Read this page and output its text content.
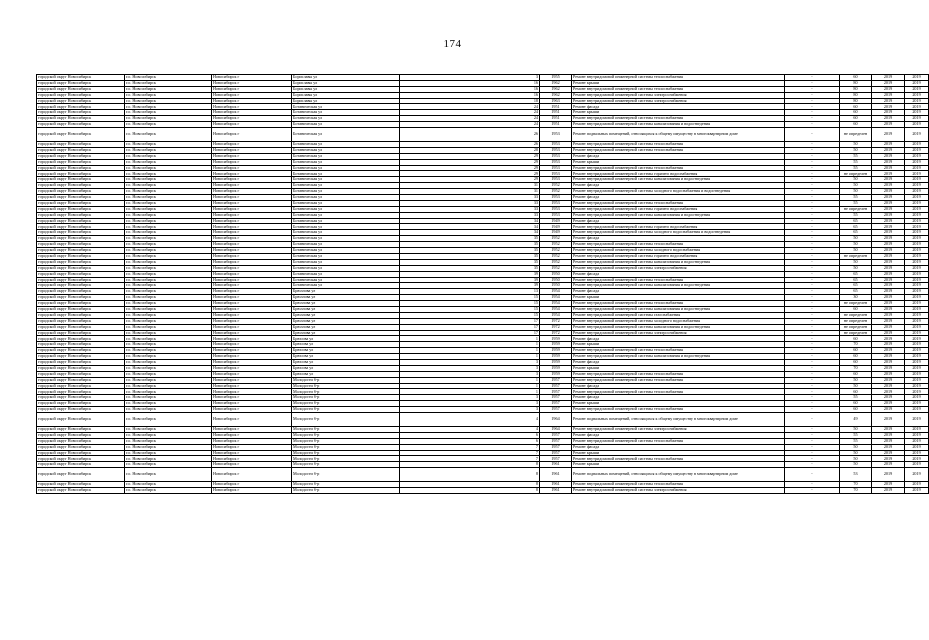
174
городской округ Новосибирск	г.о. Новосибирск	Новосибирск г	Бориславы ул	3	1955	Ремонт внутридомовой инженерной системы теплоснабжения	-	60	2019	2019
городской округ Новосибирск	г.о. Новосибирск	Новосибирск г	Бориславы ул	16	1962	Ремонт крыши	-	80	2019	2019
городской округ Новосибирск	г.о. Новосибирск	Новосибирск г	Бориславы ул	16	1962	Ремонт внутридомовой инженерной системы теплоснабжения	-	80	2019	2019
городской округ Новосибирск	г.о. Новосибирск	Новосибирск г	Бориславы ул	16	1962	Ремонт внутридомовой инженерной системы электроснабжения	-	80	2019	2019
городской округ Новосибирск	г.о. Новосибирск	Новосибирск г	Бориславы ул	18	1963	Ремонт внутридомовой инженерной системы электроснабжения	-	80	2019	2019
городской округ Новосибирск	г.о. Новосибирск	Новосибирск г	Ботаническая ул	24	1951	Ремонт фасада	-	60	2019	2019
городской округ Новосибирск	г.о. Новосибирск	Новосибирск г	Ботаническая ул	24	1951	Ремонт крыши	-	60	2019	2019
городской округ Новосибирск	г.о. Новосибирск	Новосибирск г	Ботаническая ул	24	1951	Ремонт внутридомовой инженерной системы теплоснабжения	-	60	2019	2019
городской округ Новосибирск	г.о. Новосибирск	Новосибирск г	Ботаническая ул	24	1951	Ремонт внутридомовой инженерной системы канализования и водоотведения	-	60	2019	2019
городской округ Новосибирск	г.о. Новосибирск	Новосибирск г	Ботаническая ул	26	1953	Ремонт подвальных помещений, относящихся к общему имуществу в многоквартирном доме	-	не определен	2019	2019
городской округ Новосибирск	г.о. Новосибирск	Новосибирск г	Ботаническая ул	26	1953	Ремонт внутридомовой инженерной системы теплоснабжения	-	50	2019	2019
городской округ Новосибирск	г.о. Новосибирск	Новосибирск г	Ботаническая ул	28	1953	Ремонт внутридомовой инженерной системы теплоснабжения	-	50	2019	2019
городской округ Новосибирск	г.о. Новосибирск	Новосибирск г	Ботаническая ул	29	1953	Ремонт фасада	-	55	2019	2019
городской округ Новосибирск	г.о. Новосибирск	Новосибирск г	Ботаническая ул	29	1953	Ремонт крыши	-	55	2019	2019
городской округ Новосибирск	г.о. Новосибирск	Новосибирск г	Ботаническая ул	29	1953	Ремонт внутридомовой инженерной системы теплоснабжения	-	55	2019	2019
городской округ Новосибирск	г.о. Новосибирск	Новосибирск г	Ботаническая ул	29	1953	Ремонт внутридомовой инженерной системы горячего водоснабжения	-	не определен	2019	2019
городской округ Новосибирск	г.о. Новосибирск	Новосибирск г	Ботаническая ул	29	1953	Ремонт внутридомовой инженерной системы канализования и водоотведения	-	50	2019	2019
городской округ Новосибирск	г.о. Новосибирск	Новосибирск г	Ботаническая ул	31	1952	Ремонт фасада	-	50	2019	2019
городской округ Новосибирск	г.о. Новосибирск	Новосибирск г	Ботаническая ул	31	1952	Ремонт внутридомовой инженерной системы холодного водоснабжения и водоотведения	-	50	2019	2019
городской округ Новосибирск	г.о. Новосибирск	Новосибирск г	Ботаническая ул	33	1953	Ремонт фасада	-	55	2019	2019
городской округ Новосибирск	г.о. Новосибирск	Новосибирск г	Ботаническая ул	33	1953	Ремонт внутридомовой инженерной системы теплоснабжения	-	55	2019	2019
городской округ Новосибирск	г.о. Новосибирск	Новосибирск г	Ботаническая ул	33	1953	Ремонт внутридомовой инженерной системы горячего водоснабжения	-	не определен	2019	2019
городской округ Новосибирск	г.о. Новосибирск	Новосибирск г	Ботаническая ул	33	1953	Ремонт внутридомовой инженерной системы канализования и водоотведения	-	55	2019	2019
городской округ Новосибирск	г.о. Новосибирск	Новосибирск г	Ботаническая ул	34	1949	Ремонт фасада	-	65	2019	2019
городской округ Новосибирск	г.о. Новосибирск	Новосибирск г	Ботаническая ул	34	1949	Ремонт внутридомовой инженерной системы горячего водоснабжения	-	65	2019	2019
городской округ Новосибирск	г.о. Новосибирск	Новосибирск г	Ботаническая ул	34	1949	Ремонт внутридомовой инженерной системы холодного водоснабжения и водоотведения	-	65	2019	2019
городской округ Новосибирск	г.о. Новосибирск	Новосибирск г	Ботаническая ул	35	1952	Ремонт фасада	-	50	2019	2019
городской округ Новосибирск	г.о. Новосибирск	Новосибирск г	Ботаническая ул	35	1952	Ремонт внутридомовой инженерной системы теплоснабжения	-	50	2019	2019
городской округ Новосибирск	г.о. Новосибирск	Новосибирск г	Ботаническая ул	35	1952	Ремонт внутридомовой инженерной системы холодного водоснабжения	-	50	2019	2019
городской округ Новосибирск	г.о. Новосибирск	Новосибирск г	Ботаническая ул	35	1952	Ремонт внутридомовой инженерной системы горячего водоснабжения	-	не определен	2019	2019
городской округ Новосибирск	г.о. Новосибирск	Новосибирск г	Ботаническая ул	35	1952	Ремонт внутридомовой инженерной системы канализования и водоотведения	-	50	2019	2019
городской округ Новосибирск	г.о. Новосибирск	Новосибирск г	Ботаническая ул	35	1952	Ремонт внутридомовой инженерной системы электроснабжения	-	50	2019	2019
городской округ Новосибирск	г.о. Новосибирск	Новосибирск г	Ботаническая ул	39	1950	Ремонт фасада	-	65	2019	2019
городской округ Новосибирск	г.о. Новосибирск	Новосибирск г	Ботаническая ул	39	1950	Ремонт внутридомовой инженерной системы теплоснабжения	-	65	2019	2019
городской округ Новосибирск	г.о. Новосибирск	Новосибирск г	Ботаническая ул	39	1950	Ремонт внутридомовой инженерной системы канализования и водоотведения	-	65	2019	2019
городской округ Новосибирск	г.о. Новосибирск	Новосибирск г	Брюллова ул	13	1954	Ремонт фасада	-	65	2019	2019
городской округ Новосибирск	г.о. Новосибирск	Новосибирск г	Брюллова ул	15	1954	Ремонт крыши	-	30	2019	2019
городской округ Новосибирск	г.о. Новосибирск	Новосибирск г	Брюллова ул	15	1954	Ремонт внутридомовой инженерной системы теплоснабжения	-	не определен	2019	2019
городской округ Новосибирск	г.о. Новосибирск	Новосибирск г	Брюллова ул	15	1954	Ремонт внутридомовой инженерной системы канализования и водоотведения	-	60	2019	2019
городской округ Новосибирск	г.о. Новосибирск	Новосибирск г	Брюллова ул	15	1954	Ремонт внутридомовой инженерной системы газоснабжения	-	не определен	2019	2019
городской округ Новосибирск	г.о. Новосибирск	Новосибирск г	Брюллова ул	17	1972	Ремонт внутридомовой инженерной системы холодного водоснабжения	-	не определен	2019	2019
городской округ Новосибирск	г.о. Новосибирск	Новосибирск г	Брюллова ул	17	1972	Ремонт внутридомовой инженерной системы канализования и водоотведения	-	не определен	2019	2019
городской округ Новосибирск	г.о. Новосибирск	Новосибирск г	Брюллова ул	17	1972	Ремонт внутридомовой инженерной системы электроснабжения	-	не определен	2019	2019
городской округ Новосибирск	г.о. Новосибирск	Новосибирск г	Брюсова ул	1	1959	Ремонт фасада	-	60	2019	2019
городской округ Новосибирск	г.о. Новосибирск	Новосибирск г	Брюсова ул	1	1959	Ремонт крыши	-	70	2019	2019
городской округ Новосибирск	г.о. Новосибирск	Новосибирск г	Брюсова ул	1	1959	Ремонт внутридомовой инженерной системы теплоснабжения	-	60	2019	2019
городской округ Новосибирск	г.о. Новосибирск	Новосибирск г	Брюсова ул	1	1959	Ремонт внутридомовой инженерной системы канализования и водоотведения	-	60	2019	2019
городской округ Новосибирск	г.о. Новосибирск	Новосибирск г	Брюсова ул	3	1959	Ремонт фасада	-	60	2019	2019
городской округ Новосибирск	г.о. Новосибирск	Новосибирск г	Брюсова ул	3	1959	Ремонт крыши	-	70	2019	2019
городской округ Новосибирск	г.о. Новосибирск	Новосибирск г	Брюсова ул	3	1959	Ремонт внутридомовой инженерной системы теплоснабжения	-	60	2019	2019
городской округ Новосибирск	г.о. Новосибирск	Новосибирск г	Молодости б-р	1	1957	Ремонт внутридомовой инженерной системы теплоснабжения	-	50	2019	2019
городской округ Новосибирск	г.о. Новосибирск	Новосибирск г	Молодости б-р	1	1957	Ремонт фасада	-	50	2019	2019
городской округ Новосибирск	г.о. Новосибирск	Новосибирск г	Молодости б-р	1	1957	Ремонт внутридомовой инженерной системы теплоснабжения	-	60	2019	2019
городской округ Новосибирск	г.о. Новосибирск	Новосибирск г	Молодости б-р	3	1957	Ремонт фасада	-	55	2019	2019
городской округ Новосибирск	г.о. Новосибирск	Новосибирск г	Молодости б-р	3	1957	Ремонт крыши	-	60	2019	2019
городской округ Новосибирск	г.о. Новосибирск	Новосибирск г	Молодости б-р	3	1957	Ремонт внутридомовой инженерной системы теплоснабжения	-	60	2019	2019
городской округ Новосибирск	г.о. Новосибирск	Новосибирск г	Молодости б-р	4	1964	Ремонт подвальных помещений, относящихся к общему имуществу в многоквартирном доме	-	49	2019	2019
городской округ Новосибирск	г.о. Новосибирск	Новосибирск г	Молодости б-р	4	1964	Ремонт внутридомовой инженерной системы электроснабжения	-	50	2019	2019
городской округ Новосибирск	г.о. Новосибирск	Новосибирск г	Молодости б-р	6	1957	Ремонт фасада	-	55	2019	2019
городской округ Новосибирск	г.о. Новосибирск	Новосибирск г	Молодости б-р	6	1957	Ремонт внутридомовой инженерной системы теплоснабжения	-	55	2019	2019
городской округ Новосибирск	г.о. Новосибирск	Новосибирск г	Молодости б-р	7	1957	Ремонт фасада	-	50	2019	2019
городской округ Новосибирск	г.о. Новосибирск	Новосибирск г	Молодости б-р	7	1957	Ремонт крыши	-	50	2019	2019
городской округ Новосибирск	г.о. Новосибирск	Новосибирск г	Молодости б-р	7	1957	Ремонт внутридомовой инженерной системы теплоснабжения	-	50	2019	2019
городской округ Новосибирск	г.о. Новосибирск	Новосибирск г	Молодости б-р	8	1961	Ремонт крыши	-	50	2019	2019
городской округ Новосибирск	г.о. Новосибирск	Новосибирск г	Молодости б-р	8	1961	Ремонт подвальных помещений, относящихся к общему имуществу в многоквартирном доме	-	53	2019	2019
городской округ Новосибирск	г.о. Новосибирск	Новосибирск г	Молодости б-р	8	1961	Ремонт внутридомовой инженерной системы теплоснабжения	-	70	2019	2019
городской округ Новосибирск	г.о. Новосибирск	Новосибирск г	Молодости б-р	8	1961	Ремонт внутридомовой инженерной системы электроснабжения	-	70	2019	2019
